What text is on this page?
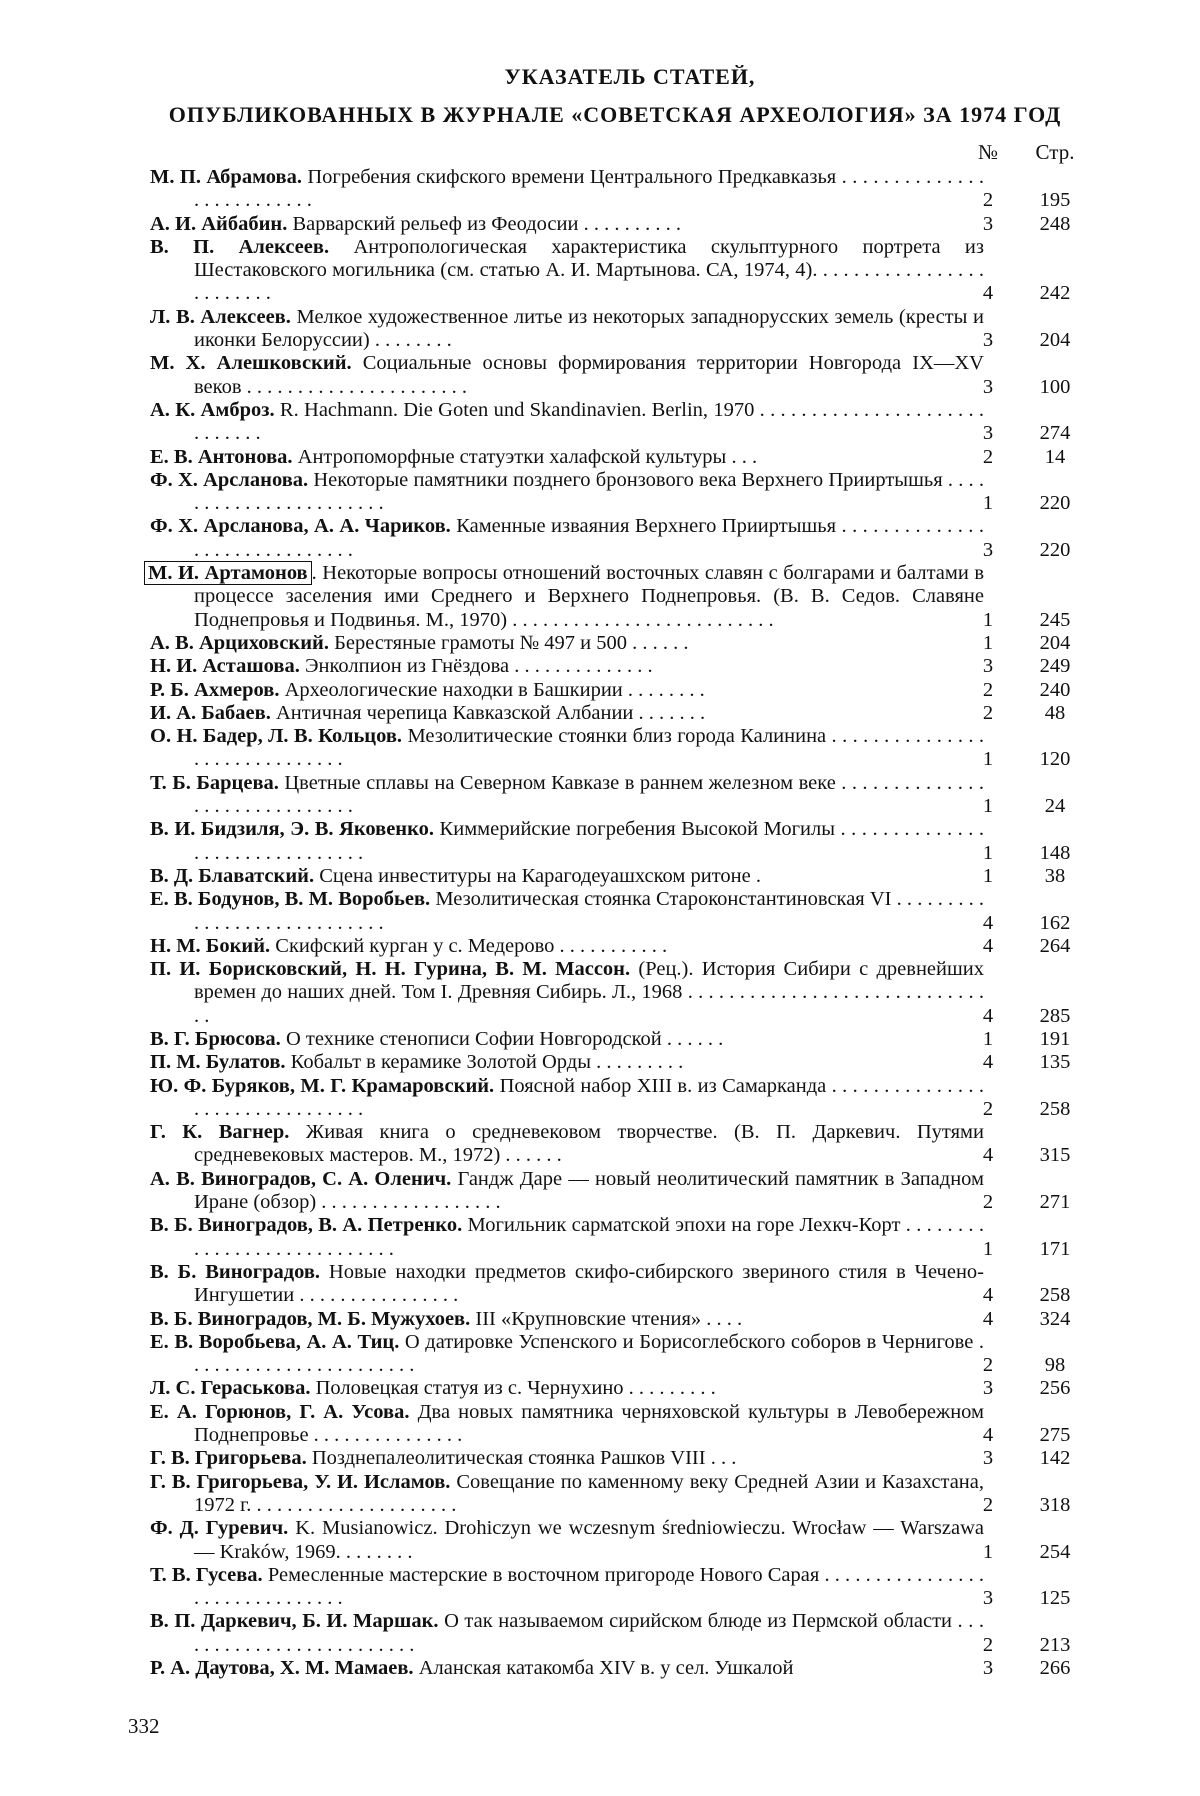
УКАЗАТЕЛЬ СТАТЕЙ,
ОПУБЛИКОВАННЫХ В ЖУРНАЛЕ «СОВЕТСКАЯ АРХЕОЛОГИЯ» ЗА 1974 ГОД
№ Стр.
М. П. Абрамова. Погребения скифского времени Центрального Предкавказья . . . . . . . . . . . . . . . . . . . . . . . . . .	2	195
А. И. Айбабин. Варварский рельеф из Феодосии . . . . . . . . . .	3	248
В. П. Алексеев. Антропологическая характеристика скульптурного портрета из Шестаковского могильника (см. статью А. И. Мартынова. СА, 1974, 4). . . . . . . . . . . . . . . . . . . . . . . . .	4	242
Л. В. Алексеев. Мелкое художественное литье из некоторых западнорусских земель (кресты и иконки Белоруссии) . . . . . . . .	3	204
М. Х. Алешковский. Социальные основы формирования территории Новгорода IX—XV веков . . . . . . . . . . . . . . . . . . . . . .	3	100
А. К. Амброз. R. Hachmann. Die Goten und Skandinavien. Berlin, 1970 . . . . . . . . . . . . . . . . . . . . . . . . . . . . .	3	274
Е. В. Антонова. Антропоморфные статуэтки халафской культуры . . .	2	14
Ф. Х. Арсланова. Некоторые памятники позднего бронзового века Верхнего Прииртышья . . . . . . . . . . . . . . . . . . . . . . .	1	220
Ф. Х. Арсланова, А. А. Чариков. Каменные изваяния Верхнего Прииртышья . . . . . . . . . . . . . . . . . . . . . . . . . . . . . .	3	220
М. И. Артамонов . Некоторые вопросы отношений восточных славян с болгарами и балтами в процессе заселения ими Среднего и Верхнего Поднепровья. (В. В. Седов. Славяне Поднепровья и Подвинья. М., 1970) . . . . . . . . . . . . . . . . . . . . . . . . . .	1	245
А. В. Арциховский. Берестяные грамоты № 497 и 500 . . . . . .	1	204
Н. И. Асташова. Энколпион из Гнёздова . . . . . . . . . . . . . .	3	249
Р. Б. Ахмеров. Археологические находки в Башкирии . . . . . . . .	2	240
И. А. Бабаев. Античная черепица Кавказской Албании . . . . . . .	2	48
О. Н. Бадер, Л. В. Кольцов. Мезолитические стоянки близ города Калинина . . . . . . . . . . . . . . . . . . . . . . . . . . . . . .	1	120
Т. Б. Барцева. Цветные сплавы на Северном Кавказе в раннем железном веке . . . . . . . . . . . . . . . . . . . . . . . . . . . . . .	1	24
В. И. Бидзиля, Э. В. Яковенко. Киммерийские погребения Высокой Могилы . . . . . . . . . . . . . . . . . . . . . . . . . . . . . . .	1	148
В. Д. Блаватский. Сцена инвеституры на Карагодеуашхском ритоне .	1	38
Е. В. Бодунов, В. М. Воробьев. Мезолитическая стоянка Староконстантиновская VI . . . . . . . . . . . . . . . . . . . . . . . . . . . .	4	162
Н. М. Бокий. Скифский курган у с. Медерово . . . . . . . . . . .	4	264
П. И. Борисковский, Н. Н. Гурина, В. М. Массон. (Рец.). История Сибири с древнейших времен до наших дней. Том I. Древняя Сибирь. Л., 1968 . . . . . . . . . . . . . . . . . . . . . . . . . . . . . . .	4	285
В. Г. Брюсова. О технике стенописи Софии Новгородской . . . . . .	1	191
П. М. Булатов. Кобальт в керамике Золотой Орды . . . . . . . . .	4	135
Ю. Ф. Буряков, М. Г. Крамаровский. Поясной набор XIII в. из Самарканда . . . . . . . . . . . . . . . . . . . . . . . . . . . . . . . .	2	258
Г. К. Вагнер. Живая книга о средневековом творчестве. (В. П. Даркевич. Путями средневековых мастеров. М., 1972) . . . . . .	4	315
А. В. Виноградов, С. А. Оленич. Гандж Даре — новый неолитический памятник в Западном Иране (обзор) . . . . . . . . . . . . . . . . . .	2	271
В. Б. Виноградов, В. А. Петренко. Могильник сарматской эпохи на горе Лехкч-Корт . . . . . . . . . . . . . . . . . . . . . . . . . . . .	1	171
В. Б. Виноградов. Новые находки предметов скифо-сибирского звериного стиля в Чечено-Ингушетии . . . . . . . . . . . . . . . .	4	258
В. Б. Виноградов, М. Б. Мужухоев. III «Крупновские чтения» . . . .	4	324
Е. В. Воробьева, А. А. Тиц. О датировке Успенского и Борисоглебского соборов в Чернигове . . . . . . . . . . . . . . . . . . . . . . .	2	98
Л. С. Гераськова. Половецкая статуя из с. Чернухино . . . . . . . . .	3	256
Е. А. Горюнов, Г. А. Усова. Два новых памятника черняховской культуры в Левобережном Поднепровье . . . . . . . . . . . . . . .	4	275
Г. В. Григорьева. Позднепалеолитическая стоянка Рашков VIII . . .	3	142
Г. В. Григорьева, У. И. Исламов. Совещание по каменному веку Средней Азии и Казахстана, 1972 г. . . . . . . . . . . . . . . . . . . . .	2	318
Ф. Д. Гуревич. K. Musianowicz. Drohiczyn we wczesnym średniowieczu. Wrocław — Warszawa — Kraków, 1969. . . . . . . .	1	254
Т. В. Гусева. Ремесленные мастерские в восточном пригороде Нового Сарая . . . . . . . . . . . . . . . . . . . . . . . . . . . . . . .	3	125
В. П. Даркевич, Б. И. Маршак. О так называемом сирийском блюде из Пермской области . . . . . . . . . . . . . . . . . . . . . . . . .	2	213
Р. А. Даутова, Х. М. Мамаев. Аланская катакомба XIV в. у сел. Ушкалой	3	266
332
